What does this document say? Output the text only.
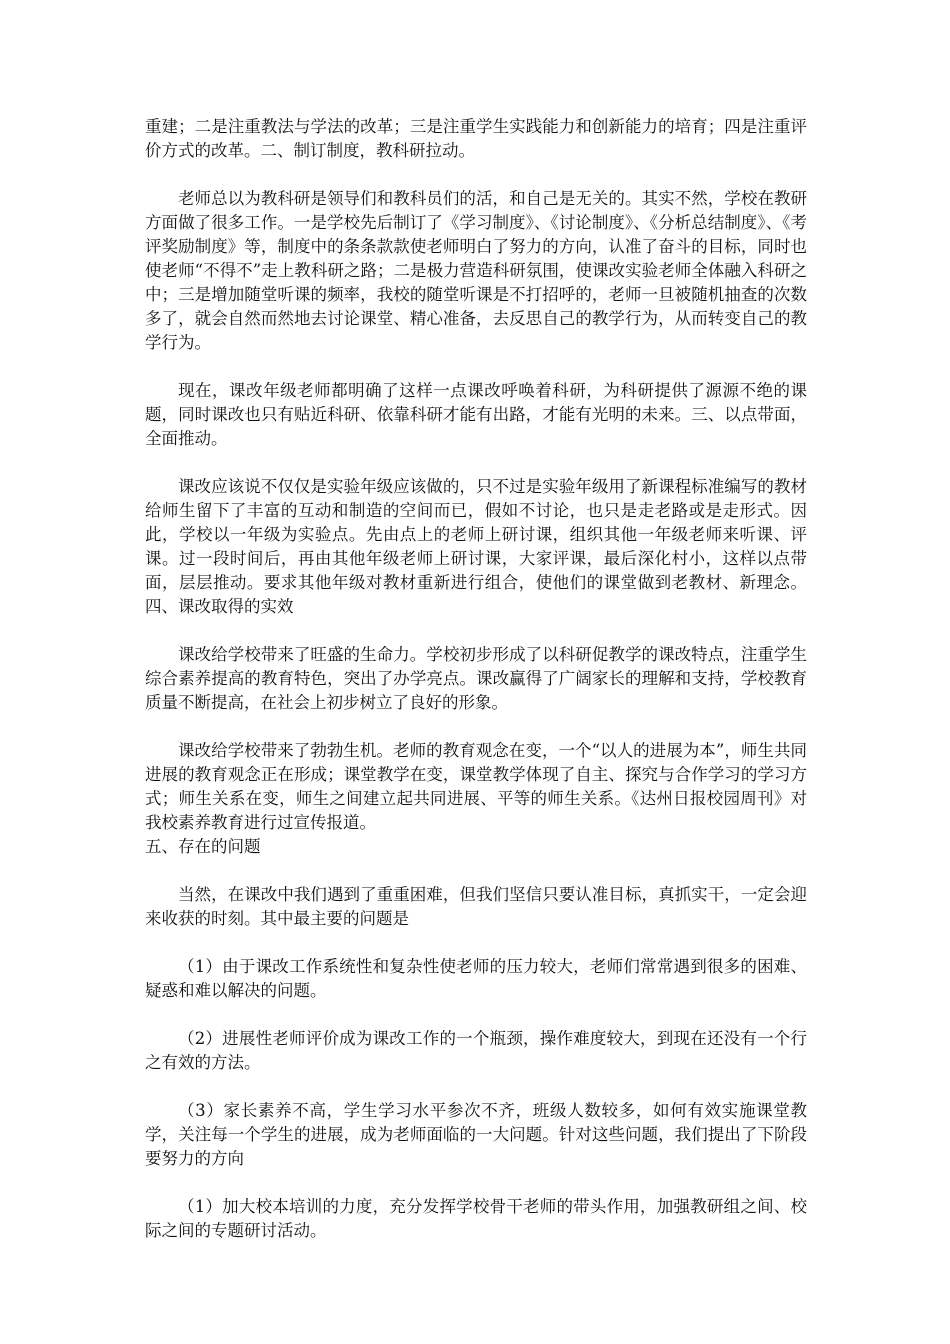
重建；二是注重教法与学法的改革；三是注重学生实践能力和创新能力的培育；四是注重评价方式的改革。二、制订制度，教科研拉动。

老师总以为教科研是领导们和教科员们的活，和自己是无关的。其实不然，学校在教研方面做了很多工作。一是学校先后制订了《学习制度》、《讨论制度》、《分析总结制度》、《考评奖励制度》等，制度中的条条款款使老师明白了努力的方向，认准了奋斗的目标，同时也使老师“不得不”走上教科研之路；二是极力营造科研氛围，使课改实验老师全体融入科研之中；三是增加随堂听课的频率，我校的随堂听课是不打招呼的，老师一旦被随机抽查的次数多了，就会自然而然地去讨论课堂、精心准备，去反思自己的教学行为，从而转变自己的教学行为。

现在，课改年级老师都明确了这样一点课改呼唤着科研，为科研提供了源源不绝的课题，同时课改也只有贴近科研、依靠科研才能有出路，才能有光明的未来。三、以点带面，全面推动。

课改应该说不仅仅是实验年级应该做的，只不过是实验年级用了新课程标准编写的教材给师生留下了丰富的互动和制造的空间而已，假如不讨论，也只是走老路或是走形式。因此，学校以一年级为实验点。先由点上的老师上研讨课，组织其他一年级老师来听课、评课。过一段时间后，再由其他年级老师上研讨课，大家评课，最后深化村小，这样以点带面，层层推动。要求其他年级对教材重新进行组合，使他们的课堂做到老教材、新理念。四、课改取得的实效

课改给学校带来了旺盛的生命力。学校初步形成了以科研促教学的课改特点，注重学生综合素养提高的教育特色，突出了办学亮点。课改赢得了广阔家长的理解和支持，学校教育质量不断提高，在社会上初步树立了良好的形象。

课改给学校带来了勃勃生机。老师的教育观念在变，一个“以人的进展为本”，师生共同进展的教育观念正在形成；课堂教学在变，课堂教学体现了自主、探究与合作学习的学习方式；师生关系在变，师生之间建立起共同进展、平等的师生关系。《达州日报校园周刊》对我校素养教育进行过宣传报道。

五、存在的问题

当然，在课改中我们遇到了重重困难，但我们坚信只要认准目标，真抓实干，一定会迎来收获的时刻。其中最主要的问题是

（1）由于课改工作系统性和复杂性使老师的压力较大，老师们常常遇到很多的困难、疑惑和难以解决的问题。

（2）进展性老师评价成为课改工作的一个瓶颈，操作难度较大，到现在还没有一个行之有效的方法。

（3）家长素养不高，学生学习水平参次不齐，班级人数较多，如何有效实施课堂教学，关注每一个学生的进展，成为老师面临的一大问题。针对这些问题，我们提出了下阶段要努力的方向

（1）加大校本培训的力度，充分发挥学校骨干老师的带头作用，加强教研组之间、校际之间的专题研讨活动。
